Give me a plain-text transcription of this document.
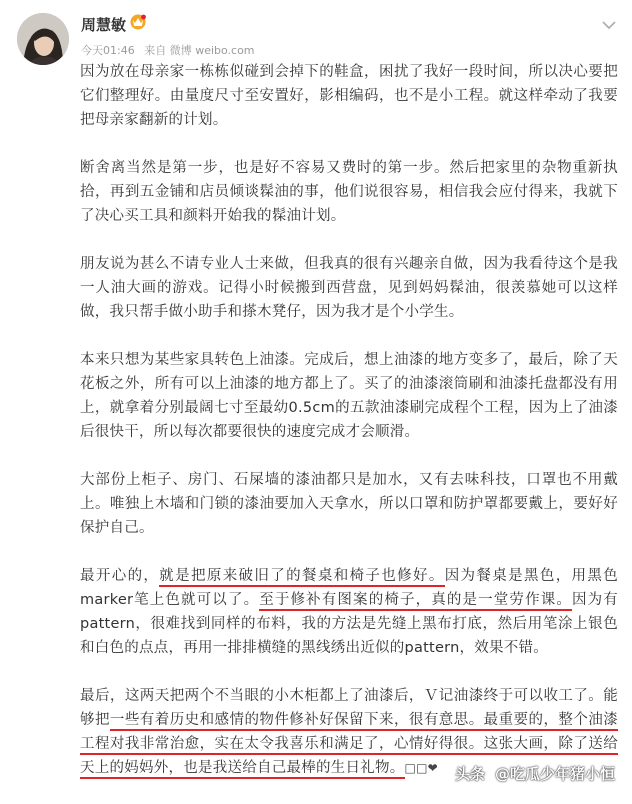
周慧敏
今天01:46 来自 微博 weibo.com

因为放在母亲家一栋栋似碰到会掉下的鞋盒，困扰了我好一段时间，所以决心要把它们整理好。由量度尺寸至安置好，影相编码，也不是小工程。就这样牵动了我要把母亲家翻新的计划。

断舍离当然是第一步，也是好不容易又费时的第一步。然后把家里的杂物重新执拾，再到五金铺和店员倾谈髹油的事，他们说很容易，相信我会应付得来，我就下了决心买工具和颜料开始我的髹油计划。

朋友说为甚么不请专业人士来做，但我真的很有兴趣亲自做，因为我看待这个是我一人油大画的游戏。记得小时候搬到西营盘，见到妈妈髹油，很羡慕她可以这样做，我只帮手做小助手和搽木凳仔，因为我才是个小学生。

本来只想为某些家具转色上油漆。完成后，想上油漆的地方变多了，最后，除了天花板之外，所有可以上油漆的地方都上了。买了的油漆滚筒刷和油漆托盘都没有用上，就拿着分别最阔七寸至最幼0.5cm的五款油漆刷完成程个工程，因为上了油漆后很快干，所以每次都要很快的速度完成才会顺滑。

大部份上柜子、房门、石屎墙的漆油都只是加水，又有去味科技，口罩也不用戴上。唯独上木墙和门锁的漆油要加入天拿水，所以口罩和防护罩都要戴上，要好好保护自己。

最开心的，就是把原来破旧了的餐桌和椅子也修好。因为餐桌是黑色，用黑色marker笔上色就可以了。至于修补有图案的椅子，真的是一堂劳作课。因为有pattern，很难找到同样的布料，我的方法是先缝上黑布打底，然后用笔涂上银色和白色的点点，再用一排排横缝的黑线绣出近似的pattern，效果不错。

最后，这两天把两个不当眼的小木柜都上了油漆后，Ｖ记油漆终于可以收工了。能够把一些有着历史和感情的物件修补好保留下来，很有意思。最重要的，整个油漆工程对我非常治愈，实在太令我喜乐和满足了，心情好得很。这张大画，除了送给天上的妈妈外，也是我送给自己最棒的生日礼物。□□❤	头条 @吃瓜少年猪小恒
